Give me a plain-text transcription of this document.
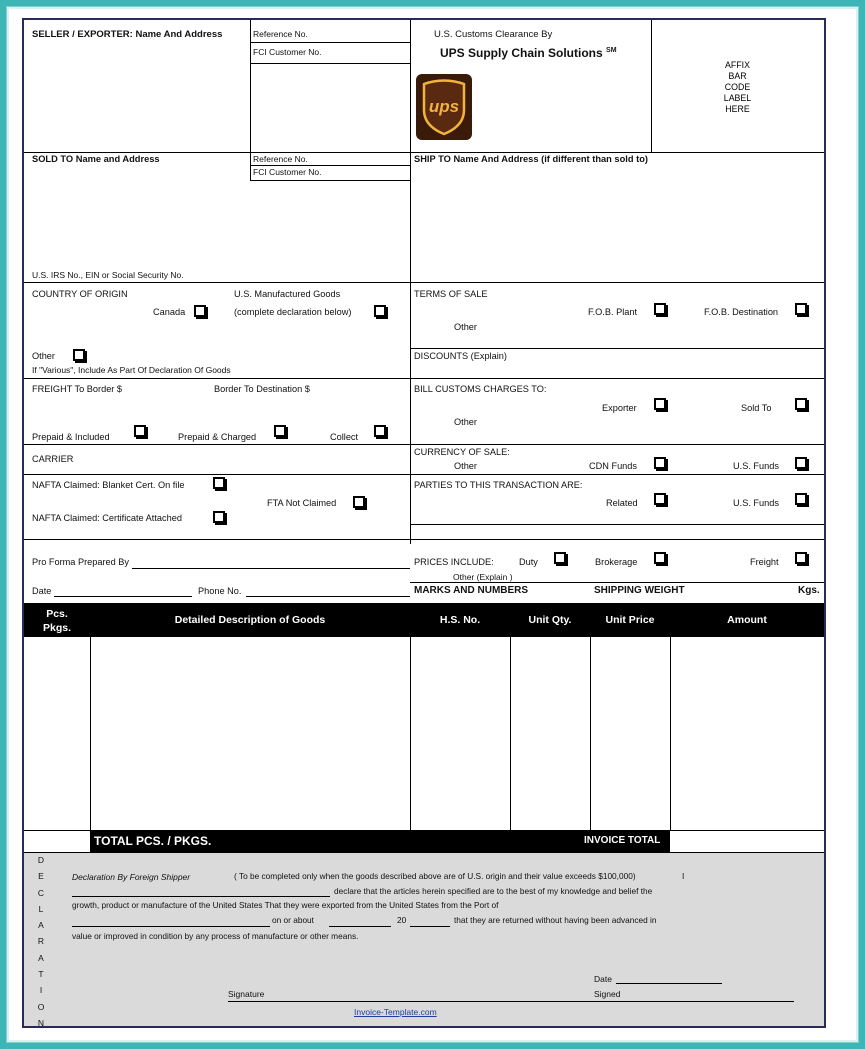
SELLER / EXPORTER: Name And Address	Reference No.
FCI Customer No.
U.S. Customs Clearance By
UPS Supply Chain Solutions ℠
ups
AFFIX
BAR
CODE
LABEL
HERE
SOLD TO Name and Address	Reference No.
FCI Customer No.
U.S. IRS No., EIN or Social Security No.
SHIP TO Name And Address (if different than sold to)
COUNTRY OF ORIGIN	U.S. Manufactured Goods
Canada	(complete declaration below)
Other
If "Various", Include As Part Of Declaration Of Goods
TERMS OF SALE
F.O.B. Plant	F.O.B. Destination
Other
DISCOUNTS (Explain)
FREIGHT To Border $	Border To Destination $
Prepaid & Included	Prepaid & Charged	Collect
BILL CUSTOMS CHARGES TO:
Exporter	Sold To
Other
CARRIER
CURRENCY OF SALE:
Other	CDN Funds	U.S. Funds
NAFTA Claimed: Blanket Cert. On file
FTA Not Claimed
NAFTA Claimed: Certificate Attached
PARTIES TO THIS TRANSACTION ARE:
Related	U.S. Funds
Pro Forma Prepared By
Date	Phone No.
PRICES INCLUDE:	Duty	Brokerage	Freight
Other (Explain )
MARKS AND NUMBERS	SHIPPING WEIGHT	Kgs.
Pcs.
Pkgs.
Detailed Description of Goods	H.S. No.	Unit Qty.	Unit Price	Amount
TOTAL PCS. / PKGS.	INVOICE TOTAL
D
E
C
L
A
R
A
T
I
O
N
Declaration By Foreign Shipper	( To be completed only when the goods described above are of U.S. origin and their value exceeds $100,000)	I
declare that the articles herein specified are to the best of my knowledge and belief the
growth, product or manufacture of the United States That they were exported from the United States from the Port of
on or about	20	that they are returned without having been advanced in
value or improved in condition by any process of manufacture or other means.
Date
Signature	Signed
Invoice-Template.com
